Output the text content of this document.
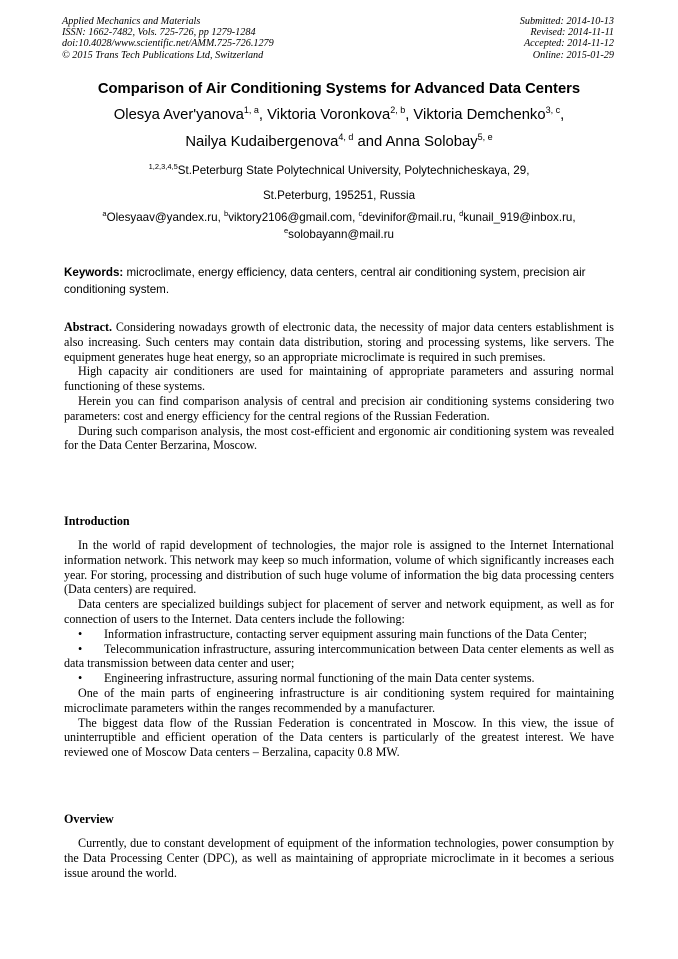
Applied Mechanics and Materials
ISSN: 1662-7482, Vols. 725-726, pp 1279-1284
doi:10.4028/www.scientific.net/AMM.725-726.1279
© 2015 Trans Tech Publications Ltd, Switzerland
Submitted: 2014-10-13
Revised: 2014-11-11
Accepted: 2014-11-12
Online: 2015-01-29
Comparison of Air Conditioning Systems for Advanced Data Centers
Olesya Aver'yanova$^{1, a}$, Viktoria Voronkova$^{2, b}$, Viktoria Demchenko$^{3, c}$,
Nailya Kudaibergenova$^{4, d}$ and Anna Solobay$^{5, e}$
$^{1,2,3,4,5}$St.Peterburg State Polytechnical University, Polytechnicheskaya, 29,
St.Peterburg, 195251, Russia
$^a$Olesyaav@yandex.ru, $^b$viktory2106@gmail.com, $^c$devinifor@mail.ru, $^d$kunail_919@inbox.ru,
$^e$solobayann@mail.ru
Keywords: microclimate, energy efficiency, data centers, central air conditioning system, precision air conditioning system.

Abstract. Considering nowadays growth of electronic data, the necessity of major data centers establishment is also increasing. Such centers may contain data distribution, storing and processing systems, like servers. The equipment generates huge heat energy, so an appropriate microclimate is required in such premises.

High capacity air conditioners are used for maintaining of appropriate parameters and assuring normal functioning of these systems.

Herein you can find comparison analysis of central and precision air conditioning systems considering two parameters: cost and energy efficiency for the central regions of the Russian Federation.

During such comparison analysis, the most cost-efficient and ergonomic air conditioning system was revealed for the Data Center Berzarina, Moscow.

Introduction

In the world of rapid development of technologies, the major role is assigned to the Internet International information network. This network may keep so much information, volume of which significantly increases each year. For storing, processing and distribution of such huge volume of information the big data processing centers (Data centers) are required.

Data centers are specialized buildings subject for placement of server and network equipment, as well as for connection of users to the Internet. Data centers include the following:

• Information infrastructure, contacting server equipment assuring main functions of the Data Center;

• Telecommunication infrastructure, assuring intercommunication between Data center elements as well as data transmission between data center and user;

• Engineering infrastructure, assuring normal functioning of the main Data center systems.

One of the main parts of engineering infrastructure is air conditioning system required for maintaining microclimate parameters within the ranges recommended by a manufacturer.

The biggest data flow of the Russian Federation is concentrated in Moscow. In this view, the issue of uninterruptible and efficient operation of the Data centers is particularly of the greatest interest. We have reviewed one of Moscow Data centers – Berzalina, capacity 0.8 MW.

Overview

Currently, due to constant development of equipment of the information technologies, power consumption by the Data Processing Center (DPC), as well as maintaining of appropriate microclimate in it becomes a serious issue around the world.
